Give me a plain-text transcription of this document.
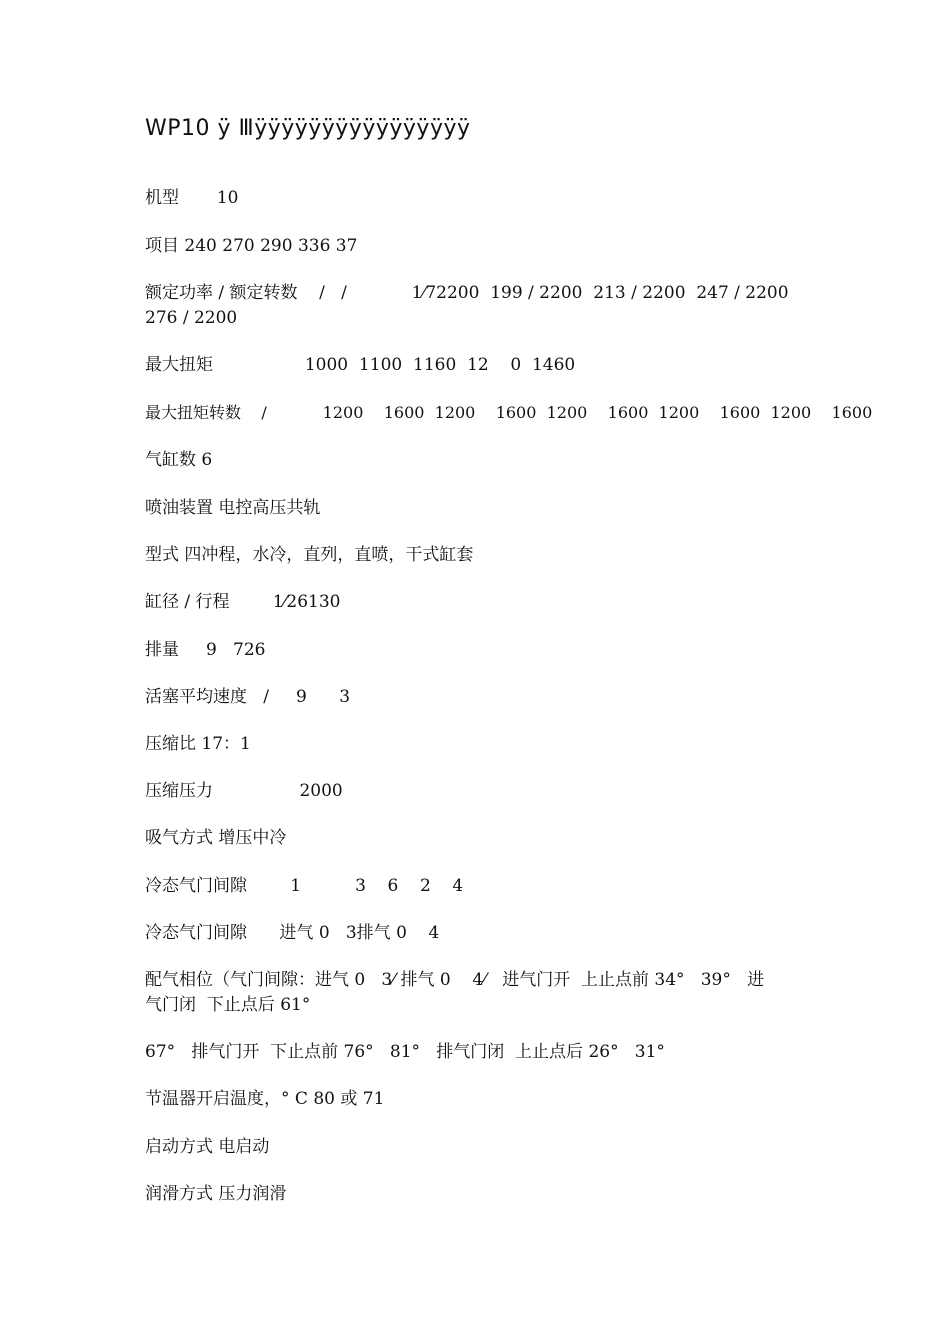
WP10 ÿ Ⅲÿÿÿÿÿÿÿÿÿÿÿÿÿÿÿÿ
机型       10
项目 240 270 290 336 37
额定功率 / 额定转数    /   /            1⁄72200  199 / 2200  213 / 2200  247 / 2200
276 / 2200
最大扭矩                 1000  1100  1160  12    0  1460
最大扭矩转数    /           1200    1600  1200    1600  1200    1600  1200    1600  1200    1600
气缸数 6
喷油装置 电控高压共轨
型式 四冲程，水冷，直列，直喷，干式缸套
缸径 / 行程        1⁄26130
排量     9   726
活塞平均速度   /     9      3
压缩比 17：1
压缩压力                2000
吸气方式 增压中冷
冷态气门间隙        1          3    6    2    4
冷态气门间隙      进气 0   3排气 0    4
配气相位（气门间隙：进气 0   3⁄ 排气 0    4⁄   进气门开  上止点前 34°   39°   进
气门闭  下止点后 61°
67°   排气门开  下止点前 76°   81°   排气门闭  上止点后 26°   31°
节温器开启温度，° C 80 或 71
启动方式 电启动
润滑方式 压力润滑
